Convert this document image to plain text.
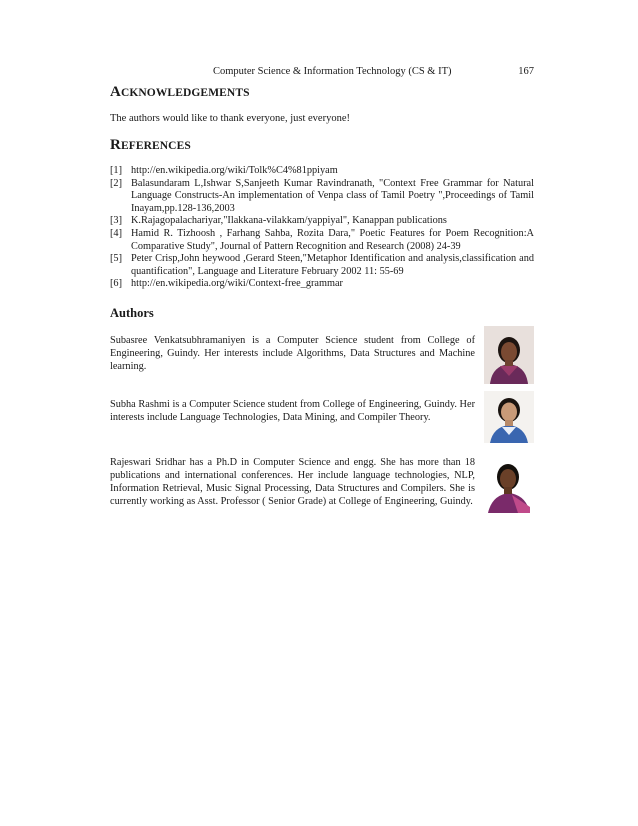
Computer Science & Information Technology (CS & IT)	167
ACKNOWLEDGEMENTS
The authors would like to thank everyone, just everyone!
REFERENCES
[1] http://en.wikipedia.org/wiki/Tolk%C4%81ppiyam
[2] Balasundaram L,Ishwar S,Sanjeeth Kumar Ravindranath, "Context Free Grammar for Natural Language Constructs-An implementation of Venpa class of Tamil Poetry ",Proceedings of Tamil Inayam,pp.128-136,2003
[3] K.Rajagopalachariyar,"Ilakkana-vilakkam/yappiyal", Kanappan publications
[4] Hamid R. Tizhoosh , Farhang Sahba, Rozita Dara," Poetic Features for Poem Recognition:A Comparative Study", Journal of Pattern Recognition and Research (2008) 24-39
[5] Peter Crisp,John heywood ,Gerard Steen,"Metaphor Identification and analysis,classification and quantification", Language and Literature February 2002 11: 55-69
[6] http://en.wikipedia.org/wiki/Context-free_grammar
Authors
Subasree Venkatsubhramaniyen is a Computer Science student from College of Engineering, Guindy. Her interests include Algorithms, Data Structures and Machine learning.
Subha Rashmi is a Computer Science student from College of Engineering, Guindy. Her interests include Language Technologies, Data Mining, and Compiler Theory.
Rajeswari Sridhar has a Ph.D in Computer Science and engg. She has more than 18 publications and international conferences. Her include language technologies, NLP, Information Retrieval, Music Signal Processing, Data Structures and Compilers. She is currently working as Asst. Professor ( Senior Grade) at College of Engineering, Guindy.
